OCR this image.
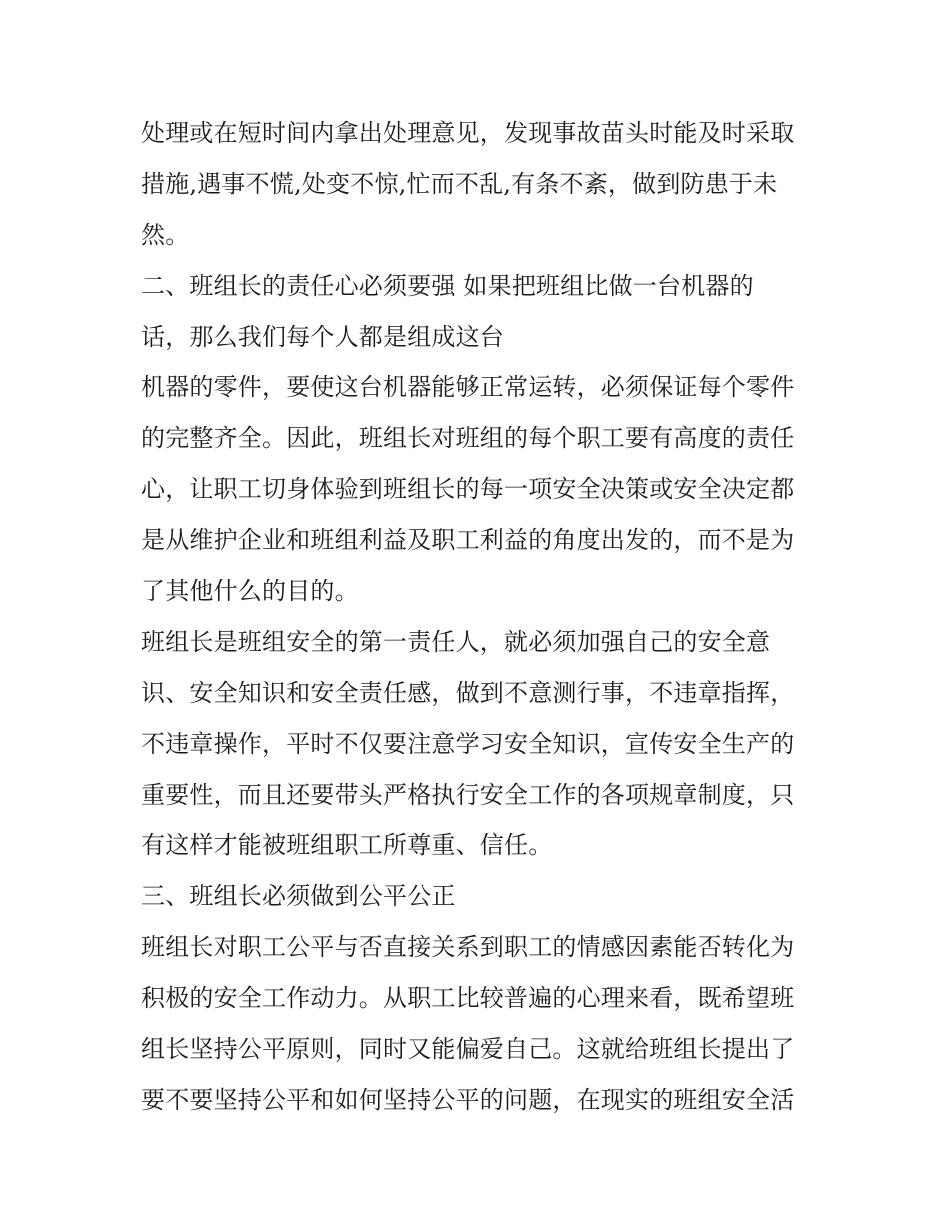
处理或在短时间内拿出处理意见，发现事故苗头时能及时采取
措施,遇事不慌,处变不惊,忙而不乱,有条不紊，做到防患于未
然。
二、班组长的责任心必须要强 如果把班组比做一台机器的
话，那么我们每个人都是组成这台
机器的零件，要使这台机器能够正常运转，必须保证每个零件
的完整齐全。因此，班组长对班组的每个职工要有高度的责任
心，让职工切身体验到班组长的每一项安全决策或安全决定都
是从维护企业和班组利益及职工利益的角度出发的，而不是为
了其他什么的目的。
班组长是班组安全的第一责任人，就必须加强自己的安全意
识、安全知识和安全责任感，做到不意测行事，不违章指挥，
不违章操作，平时不仅要注意学习安全知识，宣传安全生产的
重要性，而且还要带头严格执行安全工作的各项规章制度，只
有这样才能被班组职工所尊重、信任。
三、班组长必须做到公平公正
班组长对职工公平与否直接关系到职工的情感因素能否转化为
积极的安全工作动力。从职工比较普遍的心理来看，既希望班
组长坚持公平原则，同时又能偏爱自己。这就给班组长提出了
要不要坚持公平和如何坚持公平的问题，在现实的班组安全活
